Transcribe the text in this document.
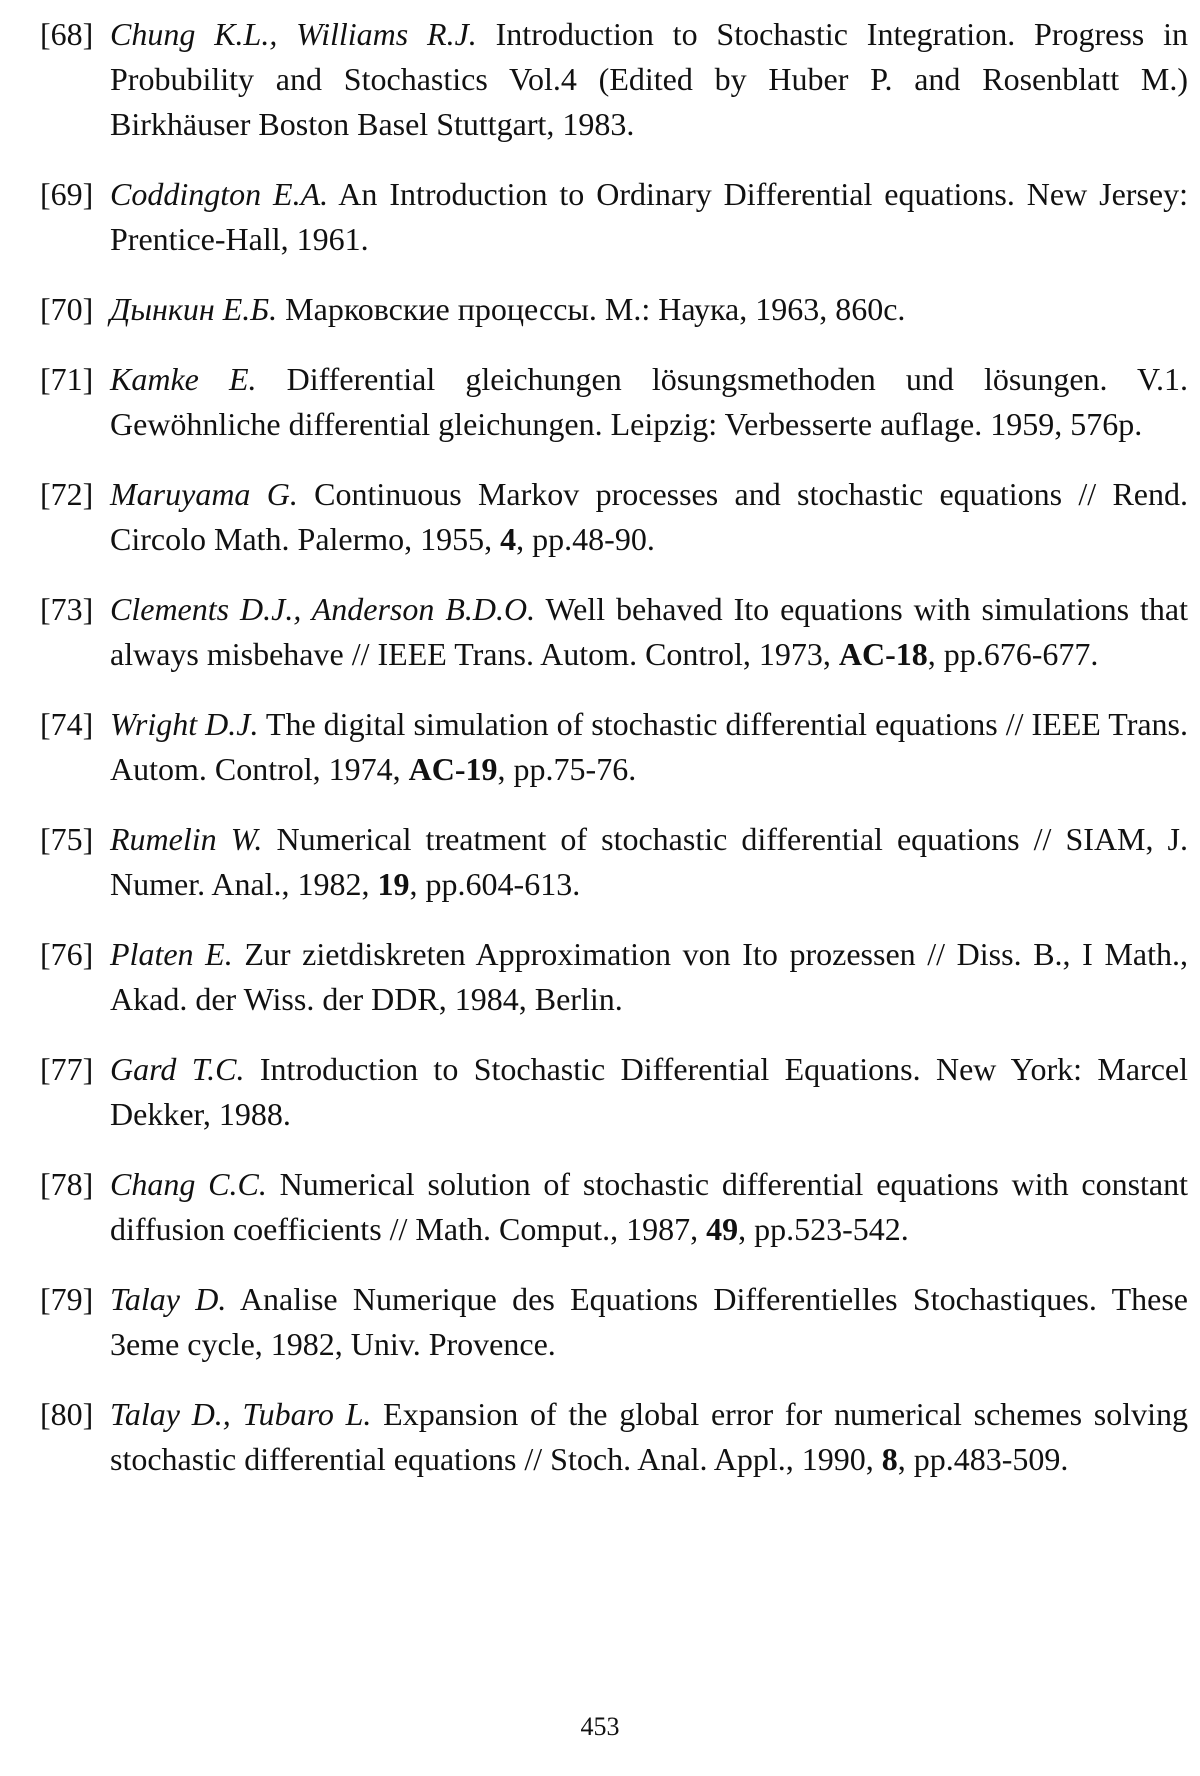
[68] Chung K.L., Williams R.J. Introduction to Stochastic Integration. Progress in Probubility and Stochastics Vol.4 (Edited by Huber P. and Rosenblatt M.) Birkhäuser Boston Basel Stuttgart, 1983.
[69] Coddington E.A. An Introduction to Ordinary Differential equations. New Jersey: Prentice-Hall, 1961.
[70] Дынкин Е.Б. Марковские процессы. М.: Наука, 1963, 860с.
[71] Kamke E. Differential gleichungen lösungsmethoden und lösungen. V.1. Gewöhnliche differential gleichungen. Leipzig: Verbesserte auflage. 1959, 576p.
[72] Maruyama G. Continuous Markov processes and stochastic equations // Rend. Circolo Math. Palermo, 1955, 4, pp.48-90.
[73] Clements D.J., Anderson B.D.O. Well behaved Ito equations with simulations that always misbehave // IEEE Trans. Autom. Control, 1973, AC-18, pp.676-677.
[74] Wright D.J. The digital simulation of stochastic differential equations // IEEE Trans. Autom. Control, 1974, AC-19, pp.75-76.
[75] Rumelin W. Numerical treatment of stochastic differential equations // SIAM, J. Numer. Anal., 1982, 19, pp.604-613.
[76] Platen E. Zur zietdiskreten Approximation von Ito prozessen // Diss. B., I Math., Akad. der Wiss. der DDR, 1984, Berlin.
[77] Gard T.C. Introduction to Stochastic Differential Equations. New York: Marcel Dekker, 1988.
[78] Chang C.C. Numerical solution of stochastic differential equations with constant diffusion coefficients // Math. Comput., 1987, 49, pp.523-542.
[79] Talay D. Analise Numerique des Equations Differentielles Stochastiques. These 3eme cycle, 1982, Univ. Provence.
[80] Talay D., Tubaro L. Expansion of the global error for numerical schemes solving stochastic differential equations // Stoch. Anal. Appl., 1990, 8, pp.483-509.
453
